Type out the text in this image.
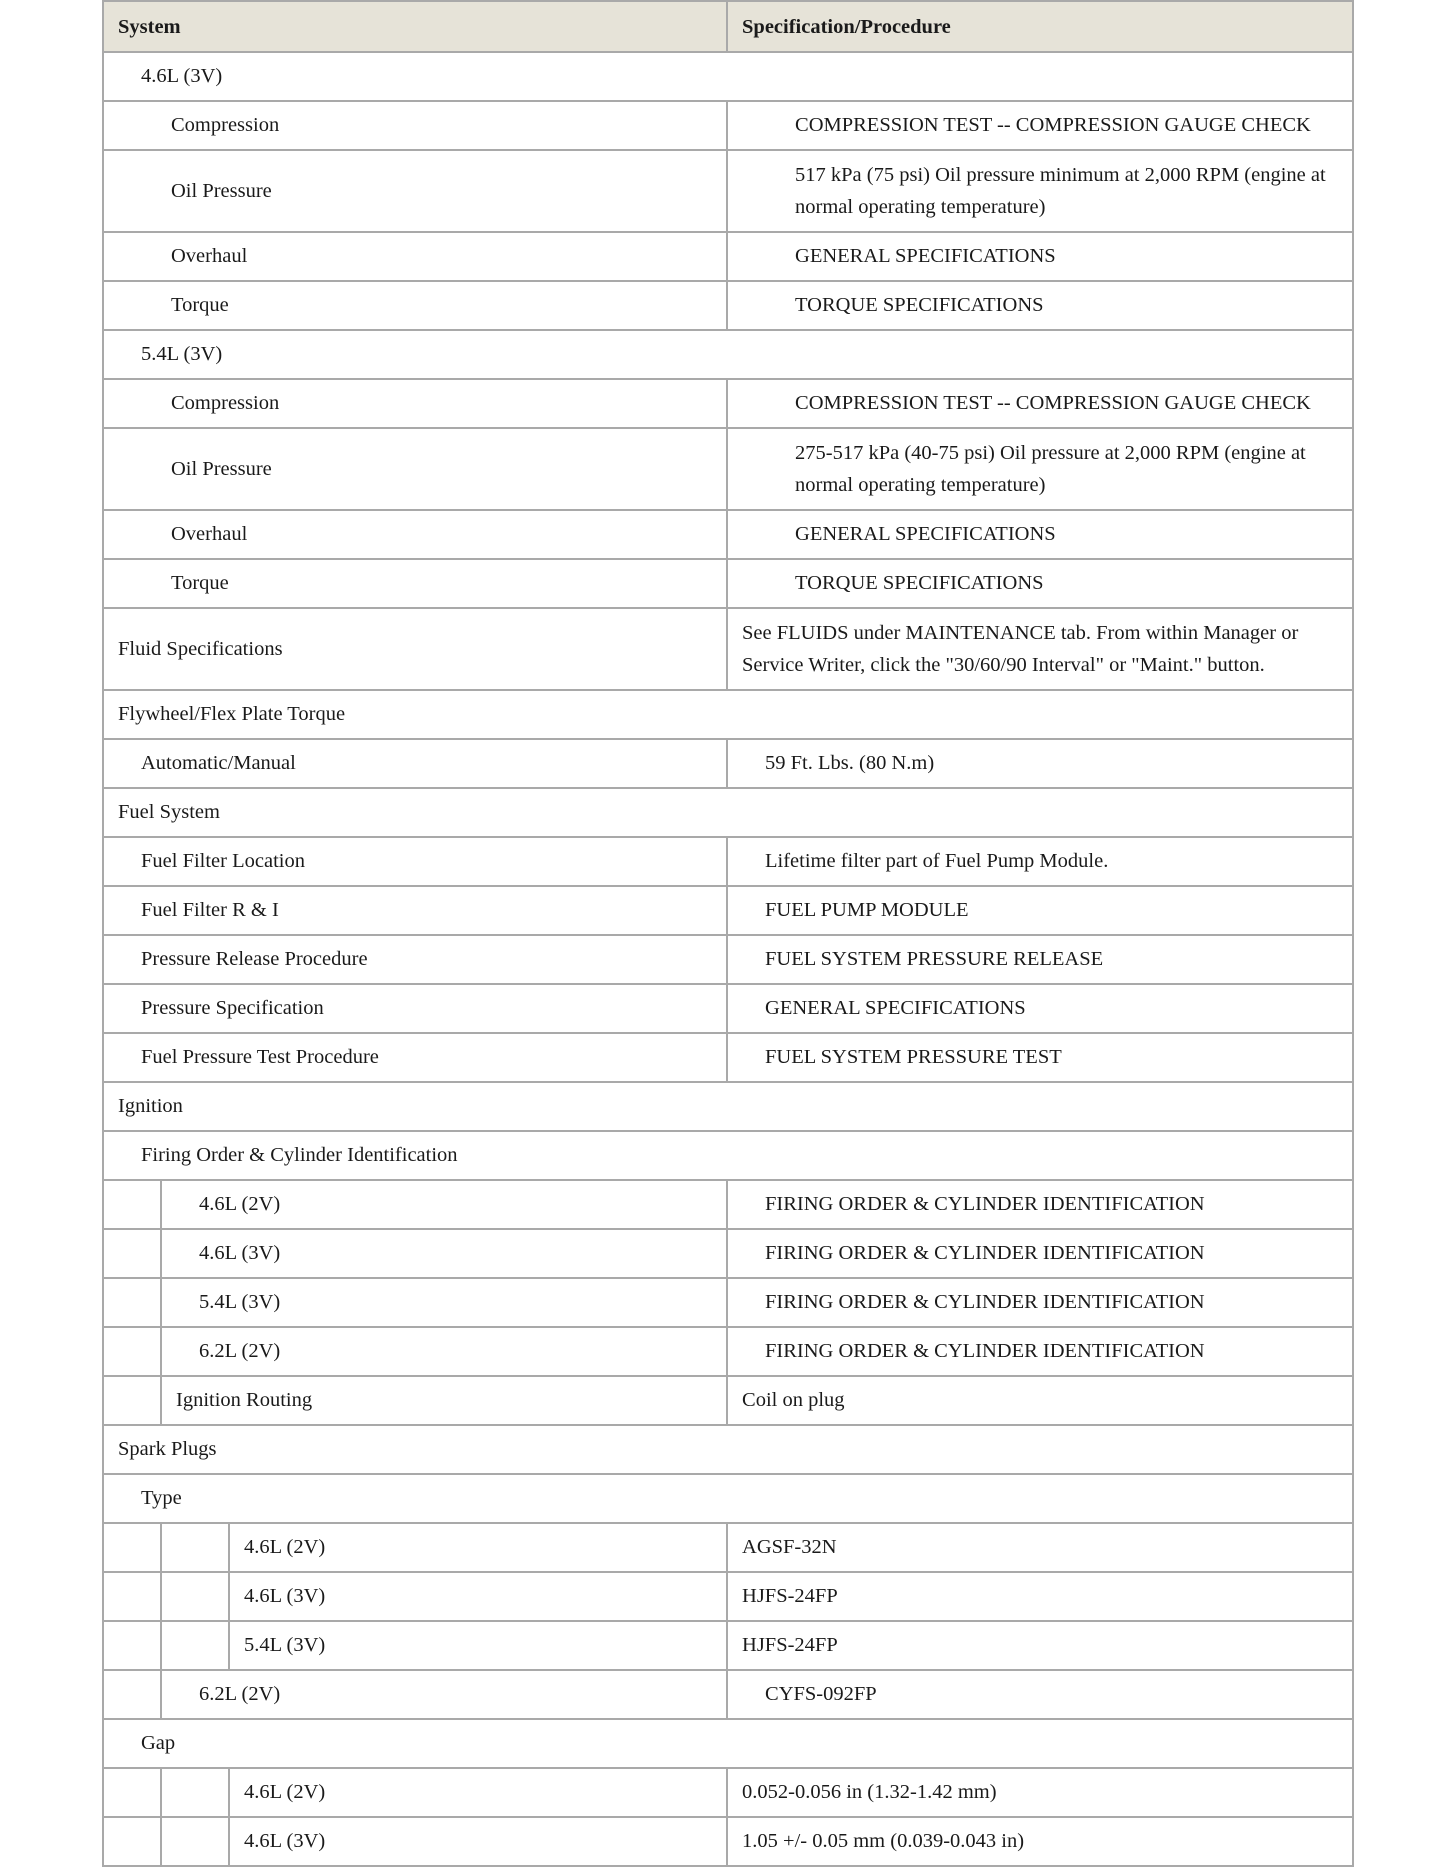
System			Specification/Procedure
4.6L (3V)			
Compression			COMPRESSION TEST -- COMPRESSION GAUGE CHECK
Oil Pressure			517 kPa (75 psi) Oil pressure minimum at 2,000 RPM (engine at normal operating temperature)
Overhaul			GENERAL SPECIFICATIONS
Torque			TORQUE SPECIFICATIONS
5.4L (3V)			
Compression			COMPRESSION TEST -- COMPRESSION GAUGE CHECK
Oil Pressure			275-517 kPa (40-75 psi) Oil pressure at 2,000 RPM (engine at normal operating temperature)
Overhaul			GENERAL SPECIFICATIONS
Torque			TORQUE SPECIFICATIONS
Fluid Specifications			See FLUIDS under MAINTENANCE tab. From within Manager or Service Writer, click the "30/60/90 Interval" or "Maint." button.
Flywheel/Flex Plate Torque			
Automatic/Manual			59 Ft. Lbs. (80 N.m)
Fuel System			
Fuel Filter Location			Lifetime filter part of Fuel Pump Module.
Fuel Filter R & I			FUEL PUMP MODULE
Pressure Release Procedure			FUEL SYSTEM PRESSURE RELEASE
Pressure Specification			GENERAL SPECIFICATIONS
Fuel Pressure Test Procedure			FUEL SYSTEM PRESSURE TEST
Ignition			
Firing Order & Cylinder Identification			
	4.6L (2V)		FIRING ORDER & CYLINDER IDENTIFICATION
	4.6L (3V)		FIRING ORDER & CYLINDER IDENTIFICATION
	5.4L (3V)		FIRING ORDER & CYLINDER IDENTIFICATION
	6.2L (2V)		FIRING ORDER & CYLINDER IDENTIFICATION
	Ignition Routing		Coil on plug
Spark Plugs			
Type			
		4.6L (2V)	AGSF-32N
		4.6L (3V)	HJFS-24FP
		5.4L (3V)	HJFS-24FP
	6.2L (2V)		CYFS-092FP
Gap			
		4.6L (2V)	0.052-0.056 in (1.32-1.42 mm)
		4.6L (3V)	1.05 +/- 0.05 mm (0.039-0.043 in)
